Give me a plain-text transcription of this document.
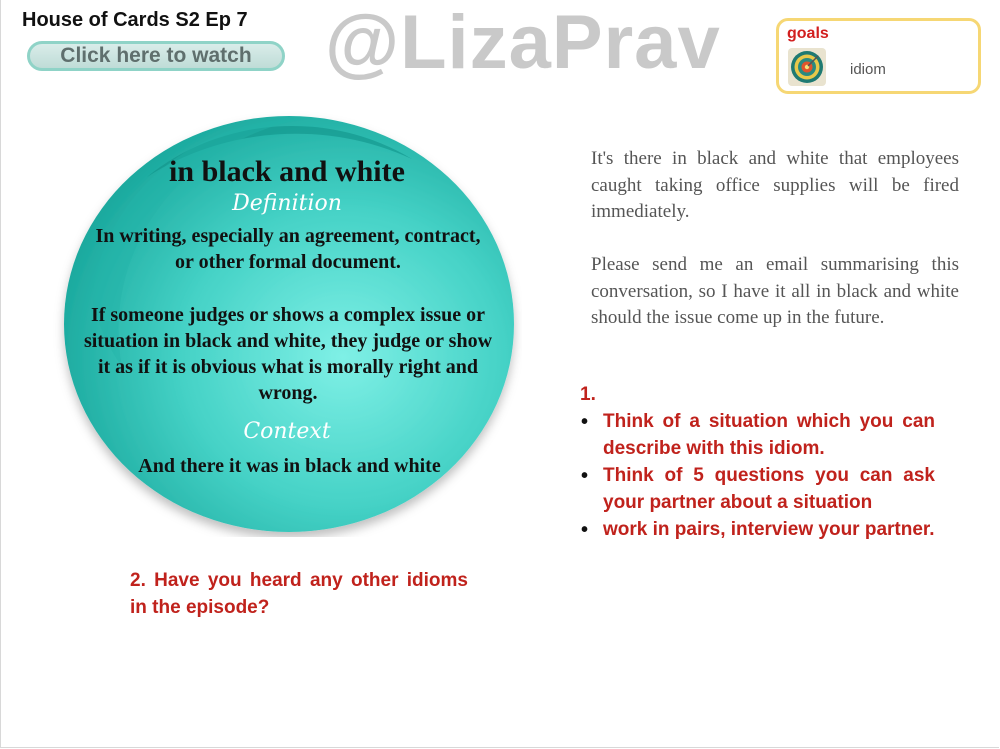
House of Cards S2 Ep 7
Click here to watch @LizaPrav	goals
idiom
in black and white
Definition
In writing, especially an agreement, contract, or other formal document.
If someone judges or shows a complex issue or situation in black and white, they judge or show it as if it is obvious what is morally right and wrong.
Context
And there it was in black and white
It's there in black and white that employees caught taking office supplies will be fired immediately.
Please send me an email summarising this conversation, so I have it all in black and white should the issue come up in the future.
1.
• Think of a situation which you can describe with this idiom.
• Think of 5 questions you can ask your partner about a situation
• work in pairs, interview your partner.
2. Have you heard any other idioms in the episode?
